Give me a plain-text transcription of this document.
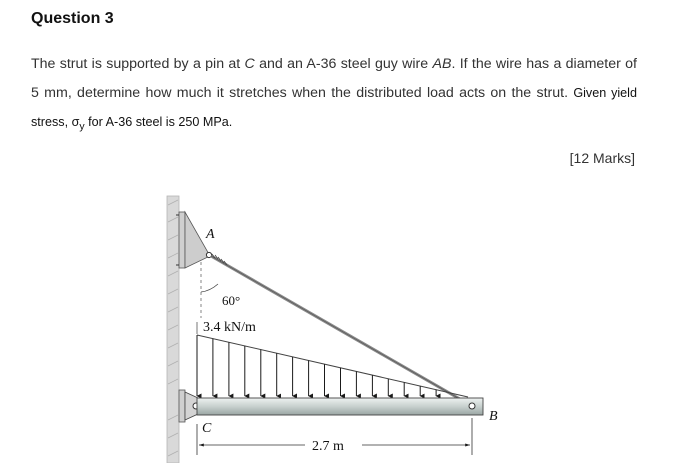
Question 3
The strut is supported by a pin at C and an A-36 steel guy wire AB. If the wire has a diameter of 5 mm, determine how much it stretches when the distributed load acts on the strut. Given yield stress, $\sigma_y$ for A-36 steel is 250 MPa.
[12 Marks]
A
B
C
60°
3.4 kN/m
2.7 m
